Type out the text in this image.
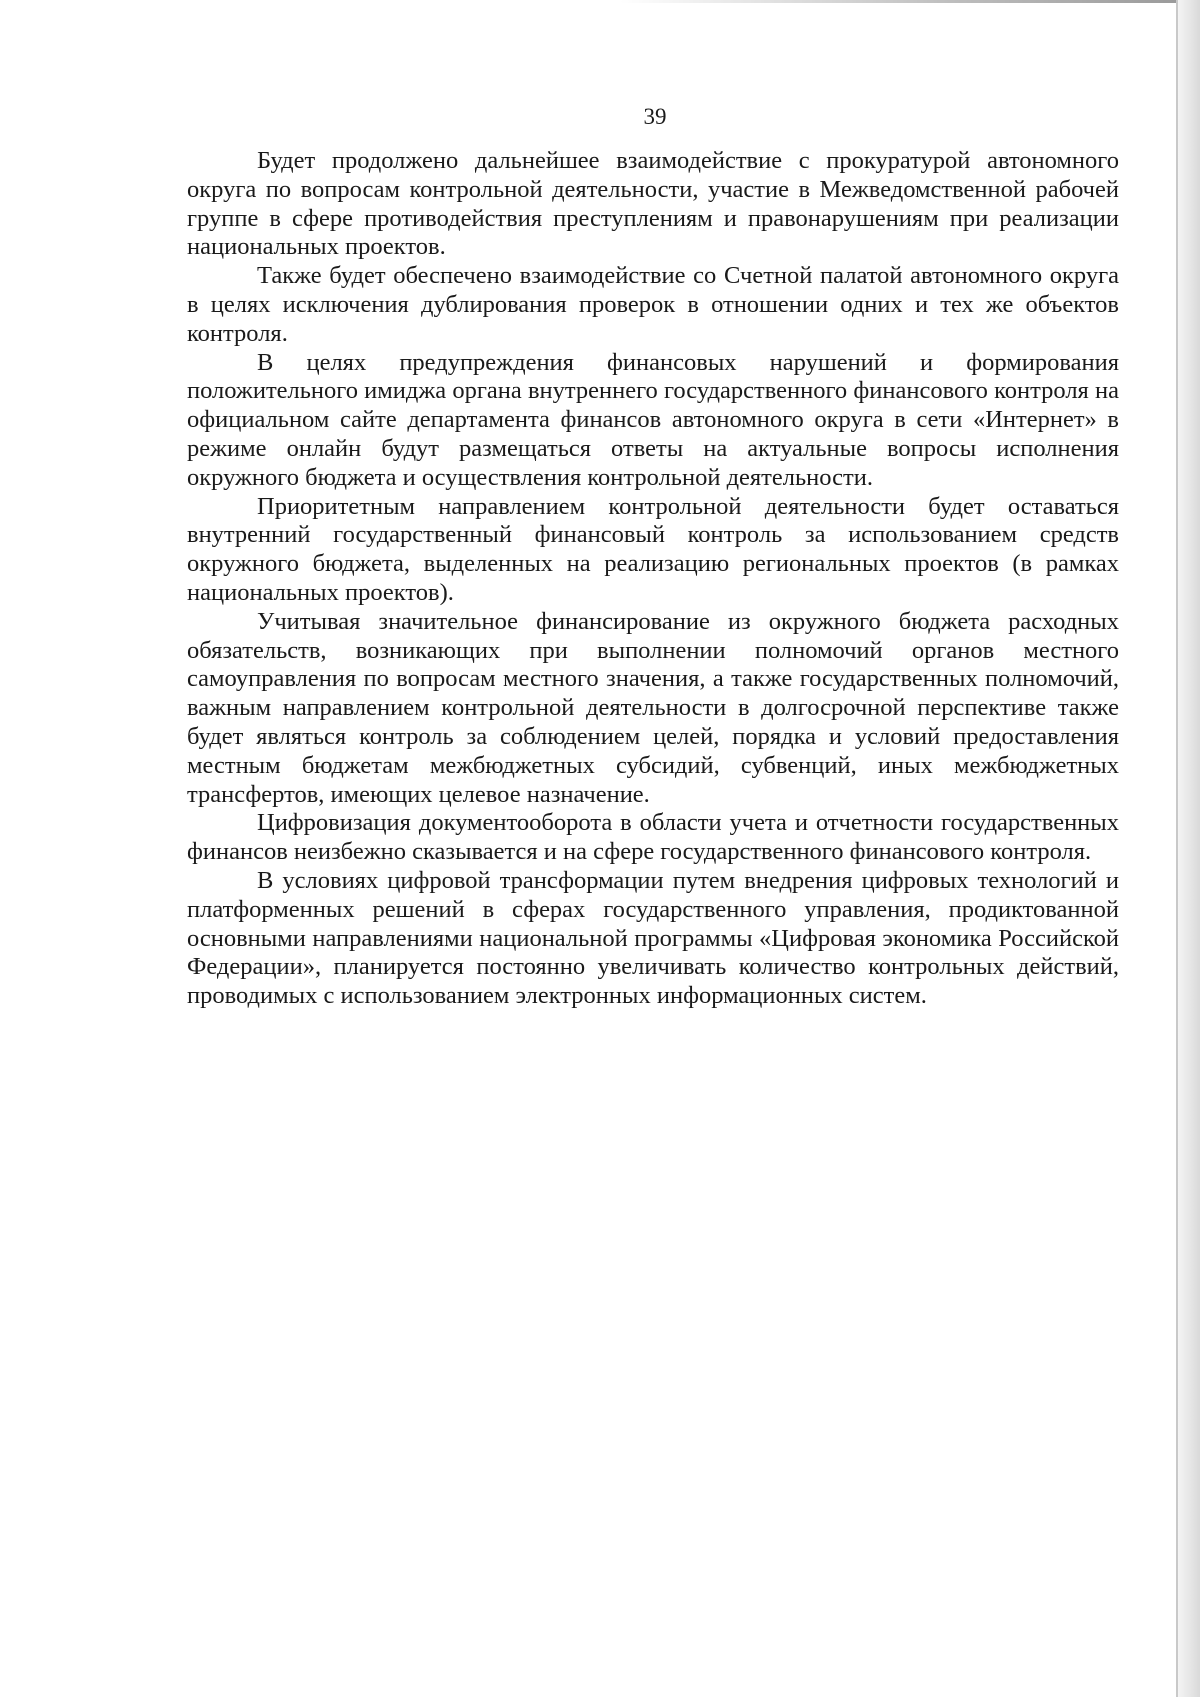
39

Будет продолжено дальнейшее взаимодействие с прокуратурой автономного округа по вопросам контрольной деятельности, участие в Межведомственной рабочей группе в сфере противодействия преступлениям и правонарушениям при реализации национальных проектов.

Также будет обеспечено взаимодействие со Счетной палатой автономного округа в целях исключения дублирования проверок в отношении одних и тех же объектов контроля.

В целях предупреждения финансовых нарушений и формирования положительного имиджа органа внутреннего государственного финансового контроля на официальном сайте департамента финансов автономного округа в сети «Интернет» в режиме онлайн будут размещаться ответы на актуальные вопросы исполнения окружного бюджета и осуществления контрольной деятельности.

Приоритетным направлением контрольной деятельности будет оставаться внутренний государственный финансовый контроль за использованием средств окружного бюджета, выделенных на реализацию региональных проектов (в рамках национальных проектов).

Учитывая значительное финансирование из окружного бюджета расходных обязательств, возникающих при выполнении полномочий органов местного самоуправления по вопросам местного значения, а также государственных полномочий, важным направлением контрольной деятельности в долгосрочной перспективе также будет являться контроль за соблюдением целей, порядка и условий предоставления местным бюджетам межбюджетных субсидий, субвенций, иных межбюджетных трансфертов, имеющих целевое назначение.

Цифровизация документооборота в области учета и отчетности государственных финансов неизбежно сказывается и на сфере государственного финансового контроля.

В условиях цифровой трансформации путем внедрения цифровых технологий и платформенных решений в сферах государственного управления, продиктованной основными направлениями национальной программы «Цифровая экономика Российской Федерации», планируется постоянно увеличивать количество контрольных действий, проводимых с использованием электронных информационных систем.
